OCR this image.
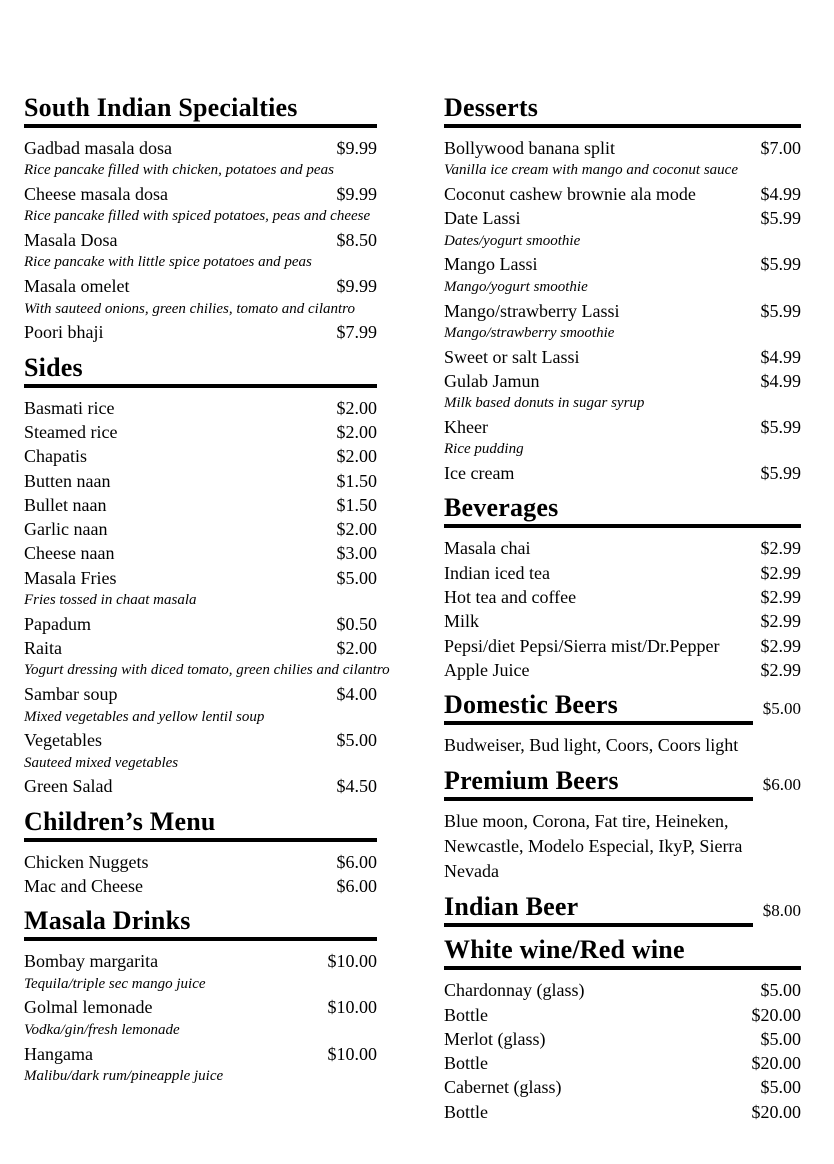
South Indian Specialties
Gadbad masala dosa	$9.99
Rice pancake filled with chicken, potatoes and peas
Cheese masala dosa	$9.99
Rice pancake filled with spiced potatoes, peas and cheese
Masala Dosa	$8.50
Rice pancake with little spice potatoes and peas
Masala omelet	$9.99
With sauteed onions, green chilies, tomato and cilantro
Poori bhaji	$7.99
Sides
Basmati rice	$2.00
Steamed rice	$2.00
Chapatis	$2.00
Butten naan	$1.50
Bullet naan	$1.50
Garlic naan	$2.00
Cheese naan	$3.00
Masala Fries	$5.00
Fries tossed in chaat masala
Papadum	$0.50
Raita	$2.00
Yogurt dressing with diced tomato, green chilies and cilantro
Sambar soup	$4.00
Mixed vegetables and yellow lentil soup
Vegetables	$5.00
Sauteed mixed vegetables
Green Salad	$4.50
Children’s Menu
Chicken Nuggets	$6.00
Mac and Cheese	$6.00
Masala Drinks
Bombay margarita	$10.00
Tequila/triple sec mango juice
Golmal lemonade	$10.00
Vodka/gin/fresh lemonade
Hangama	$10.00
Malibu/dark rum/pineapple juice
Desserts
Bollywood banana split	$7.00
Vanilla ice cream with mango and coconut sauce
Coconut cashew brownie ala mode	$4.99
Date Lassi	$5.99
Dates/yogurt smoothie
Mango Lassi	$5.99
Mango/yogurt smoothie
Mango/strawberry Lassi	$5.99
Mango/strawberry smoothie
Sweet or salt Lassi	$4.99
Gulab Jamun	$4.99
Milk based donuts in sugar syrup
Kheer	$5.99
Rice pudding
Ice cream	$5.99
Beverages
Masala chai	$2.99
Indian iced tea	$2.99
Hot tea and coffee	$2.99
Milk	$2.99
Pepsi/diet Pepsi/Sierra mist/Dr.Pepper	$2.99
Apple Juice	$2.99
Domestic Beers	$5.00
Budweiser, Bud light, Coors, Coors light
Premium Beers	$6.00
Blue moon, Corona, Fat tire, Heineken, Newcastle, Modelo Especial, IkyP, Sierra Nevada
Indian Beer	$8.00
White wine/Red wine
Chardonnay (glass)	$5.00
Bottle	$20.00
Merlot (glass)	$5.00
Bottle	$20.00
Cabernet (glass)	$5.00
Bottle	$20.00
